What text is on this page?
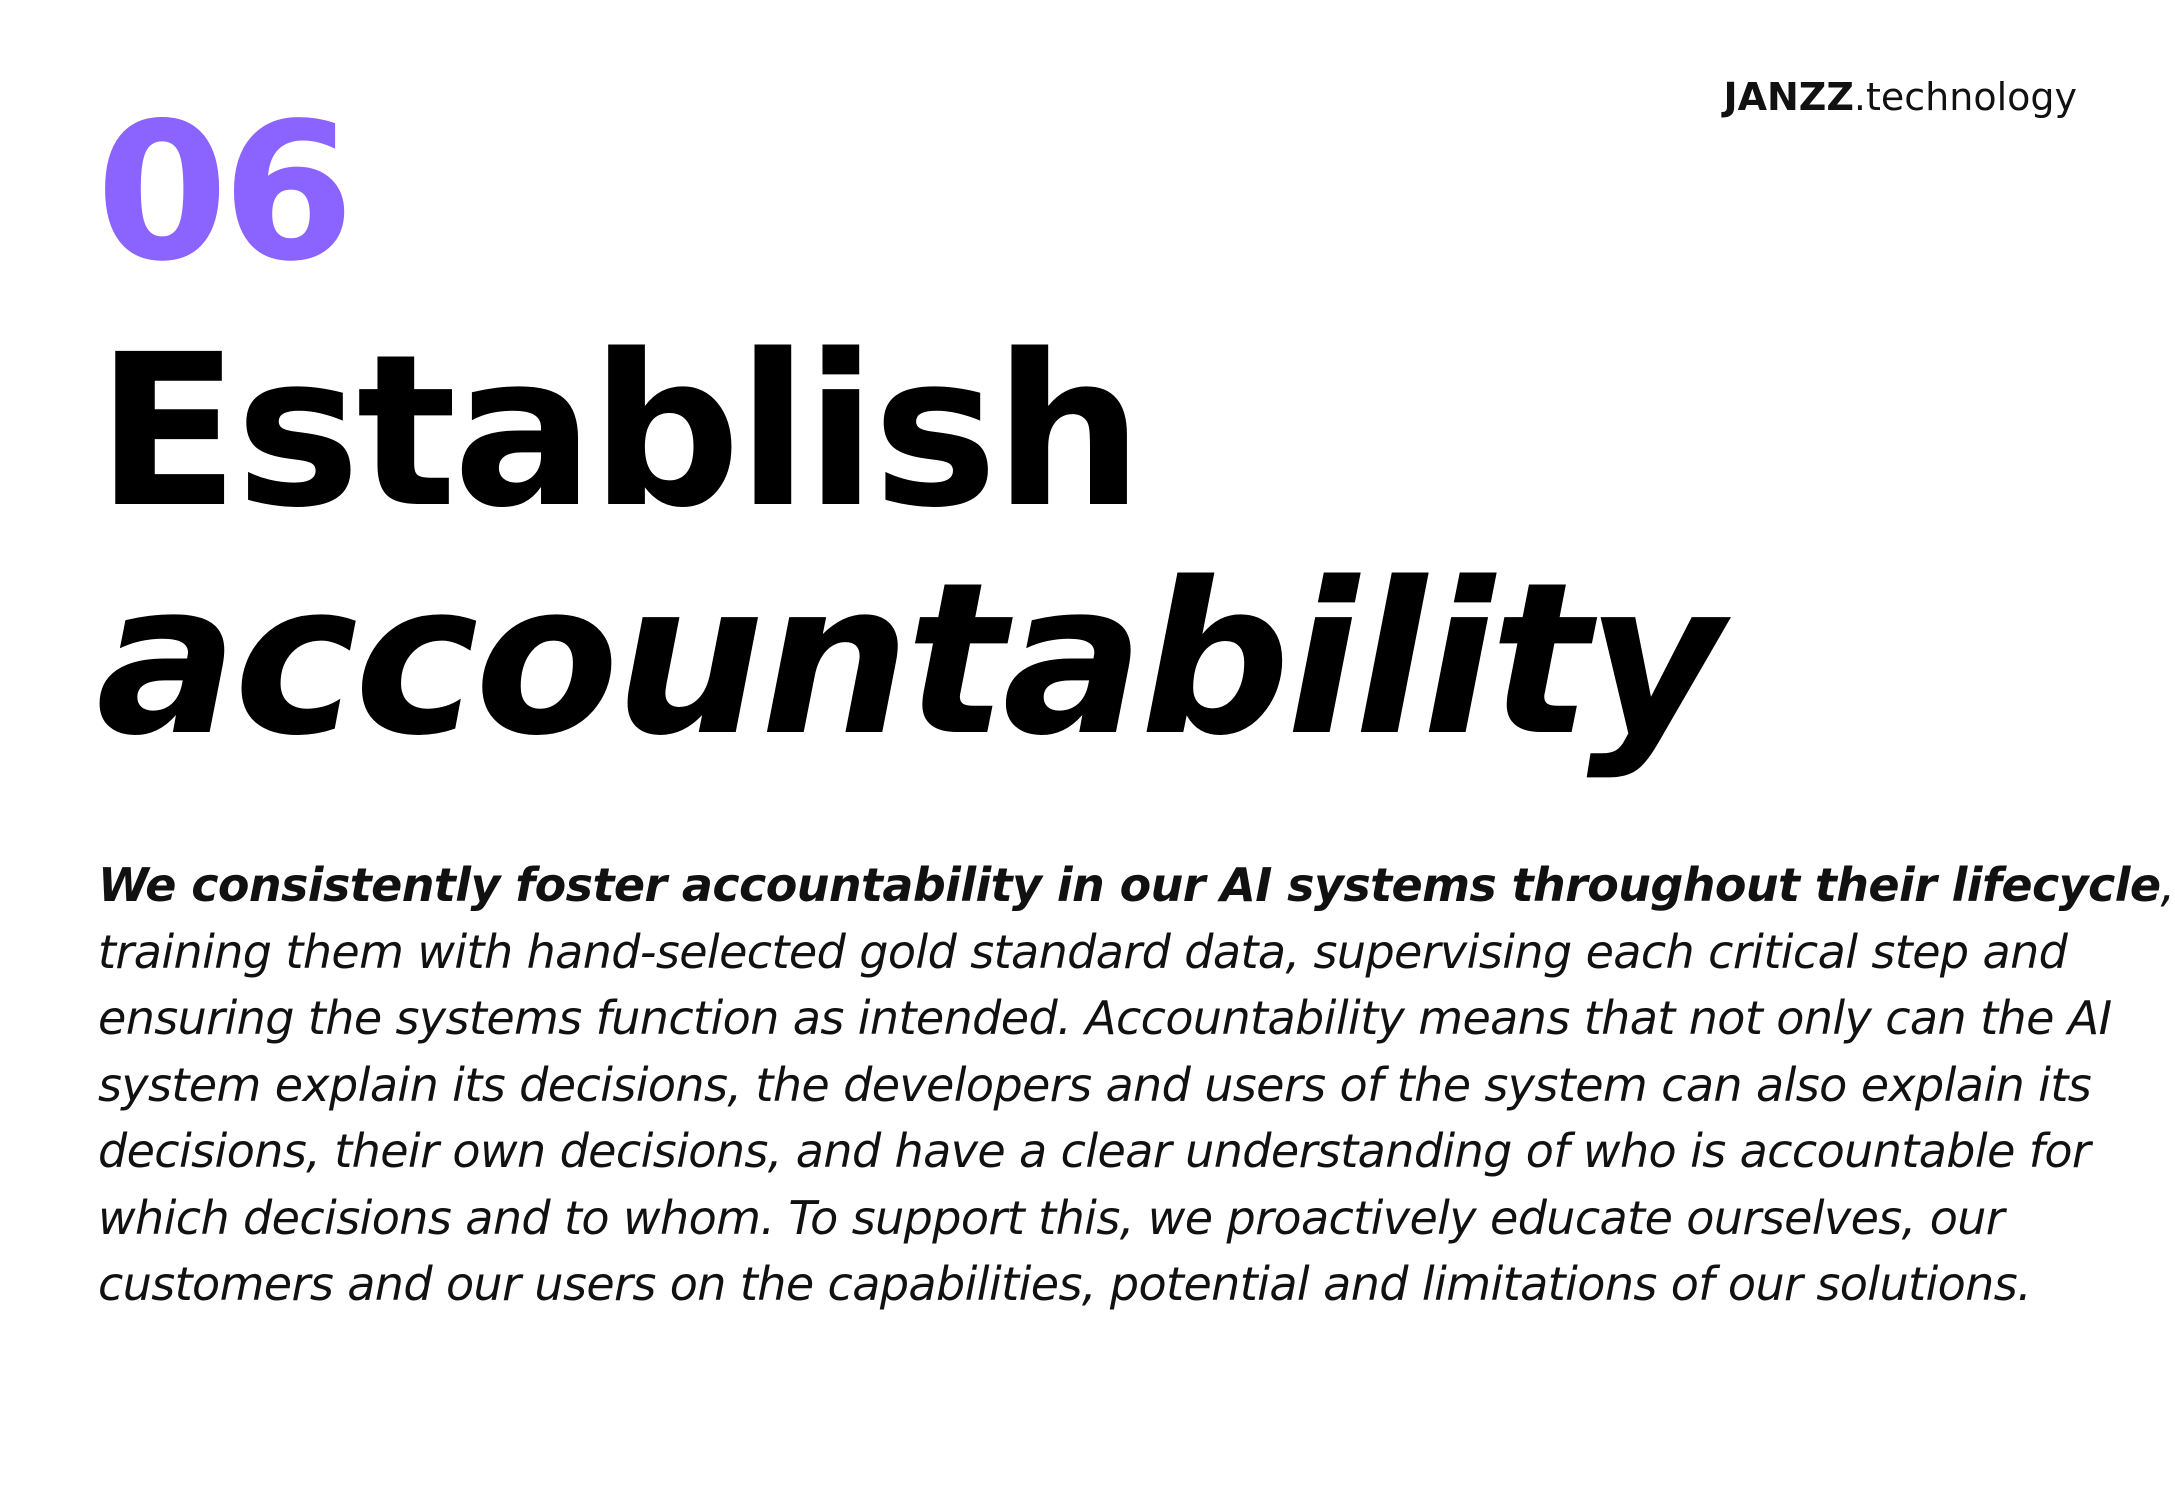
JANZZ.technology
06
Establish
accountability

We consistently foster accountability in our AI systems throughout their lifecycle,
training them with hand-selected gold standard data, supervising each critical step and
ensuring the systems function as intended. Accountability means that not only can the AI
system explain its decisions, the developers and users of the system can also explain its
decisions, their own decisions, and have a clear understanding of who is accountable for
which decisions and to whom. To support this, we proactively educate ourselves, our
customers and our users on the capabilities, potential and limitations of our solutions.
